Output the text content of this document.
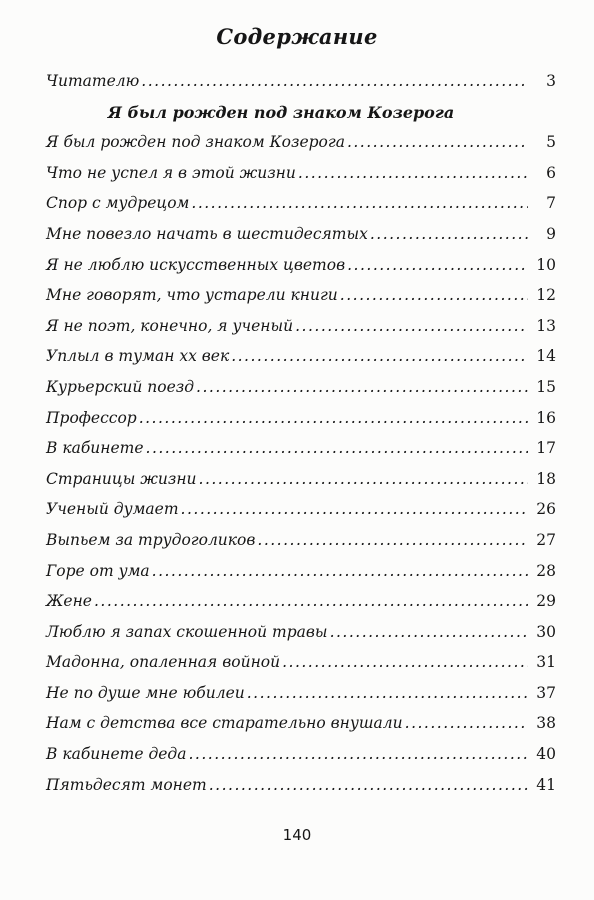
Содержание
Читателю .....	3
Я был рожден под знаком Козерога
Я был рожден под знаком Козерога .....	5
Что не успел я в этой жизни .....	6
Спор с мудрецом .....	7
Мне повезло начать в шестидесятых .....	9
Я не люблю искусственных цветов .....	10
Мне говорят, что устарели книги .....	12
Я не поэт, конечно, я ученый .....	13
Уплыл в туман хх век .....	14
Курьерский поезд .....	15
Профессор .....	16
В кабинете .....	17
Страницы жизни .....	18
Ученый думает .....	26
Выпьем за трудоголиков .....	27
Горе от ума .....	28
Жене .....	29
Люблю я запах скошенной травы .....	30
Мадонна, опаленная войной .....	31
Не по душе мне юбилеи .....	37
Нам с детства все старательно внушали .....	38
В кабинете деда .....	40
Пятьдесят монет .....	41
140
